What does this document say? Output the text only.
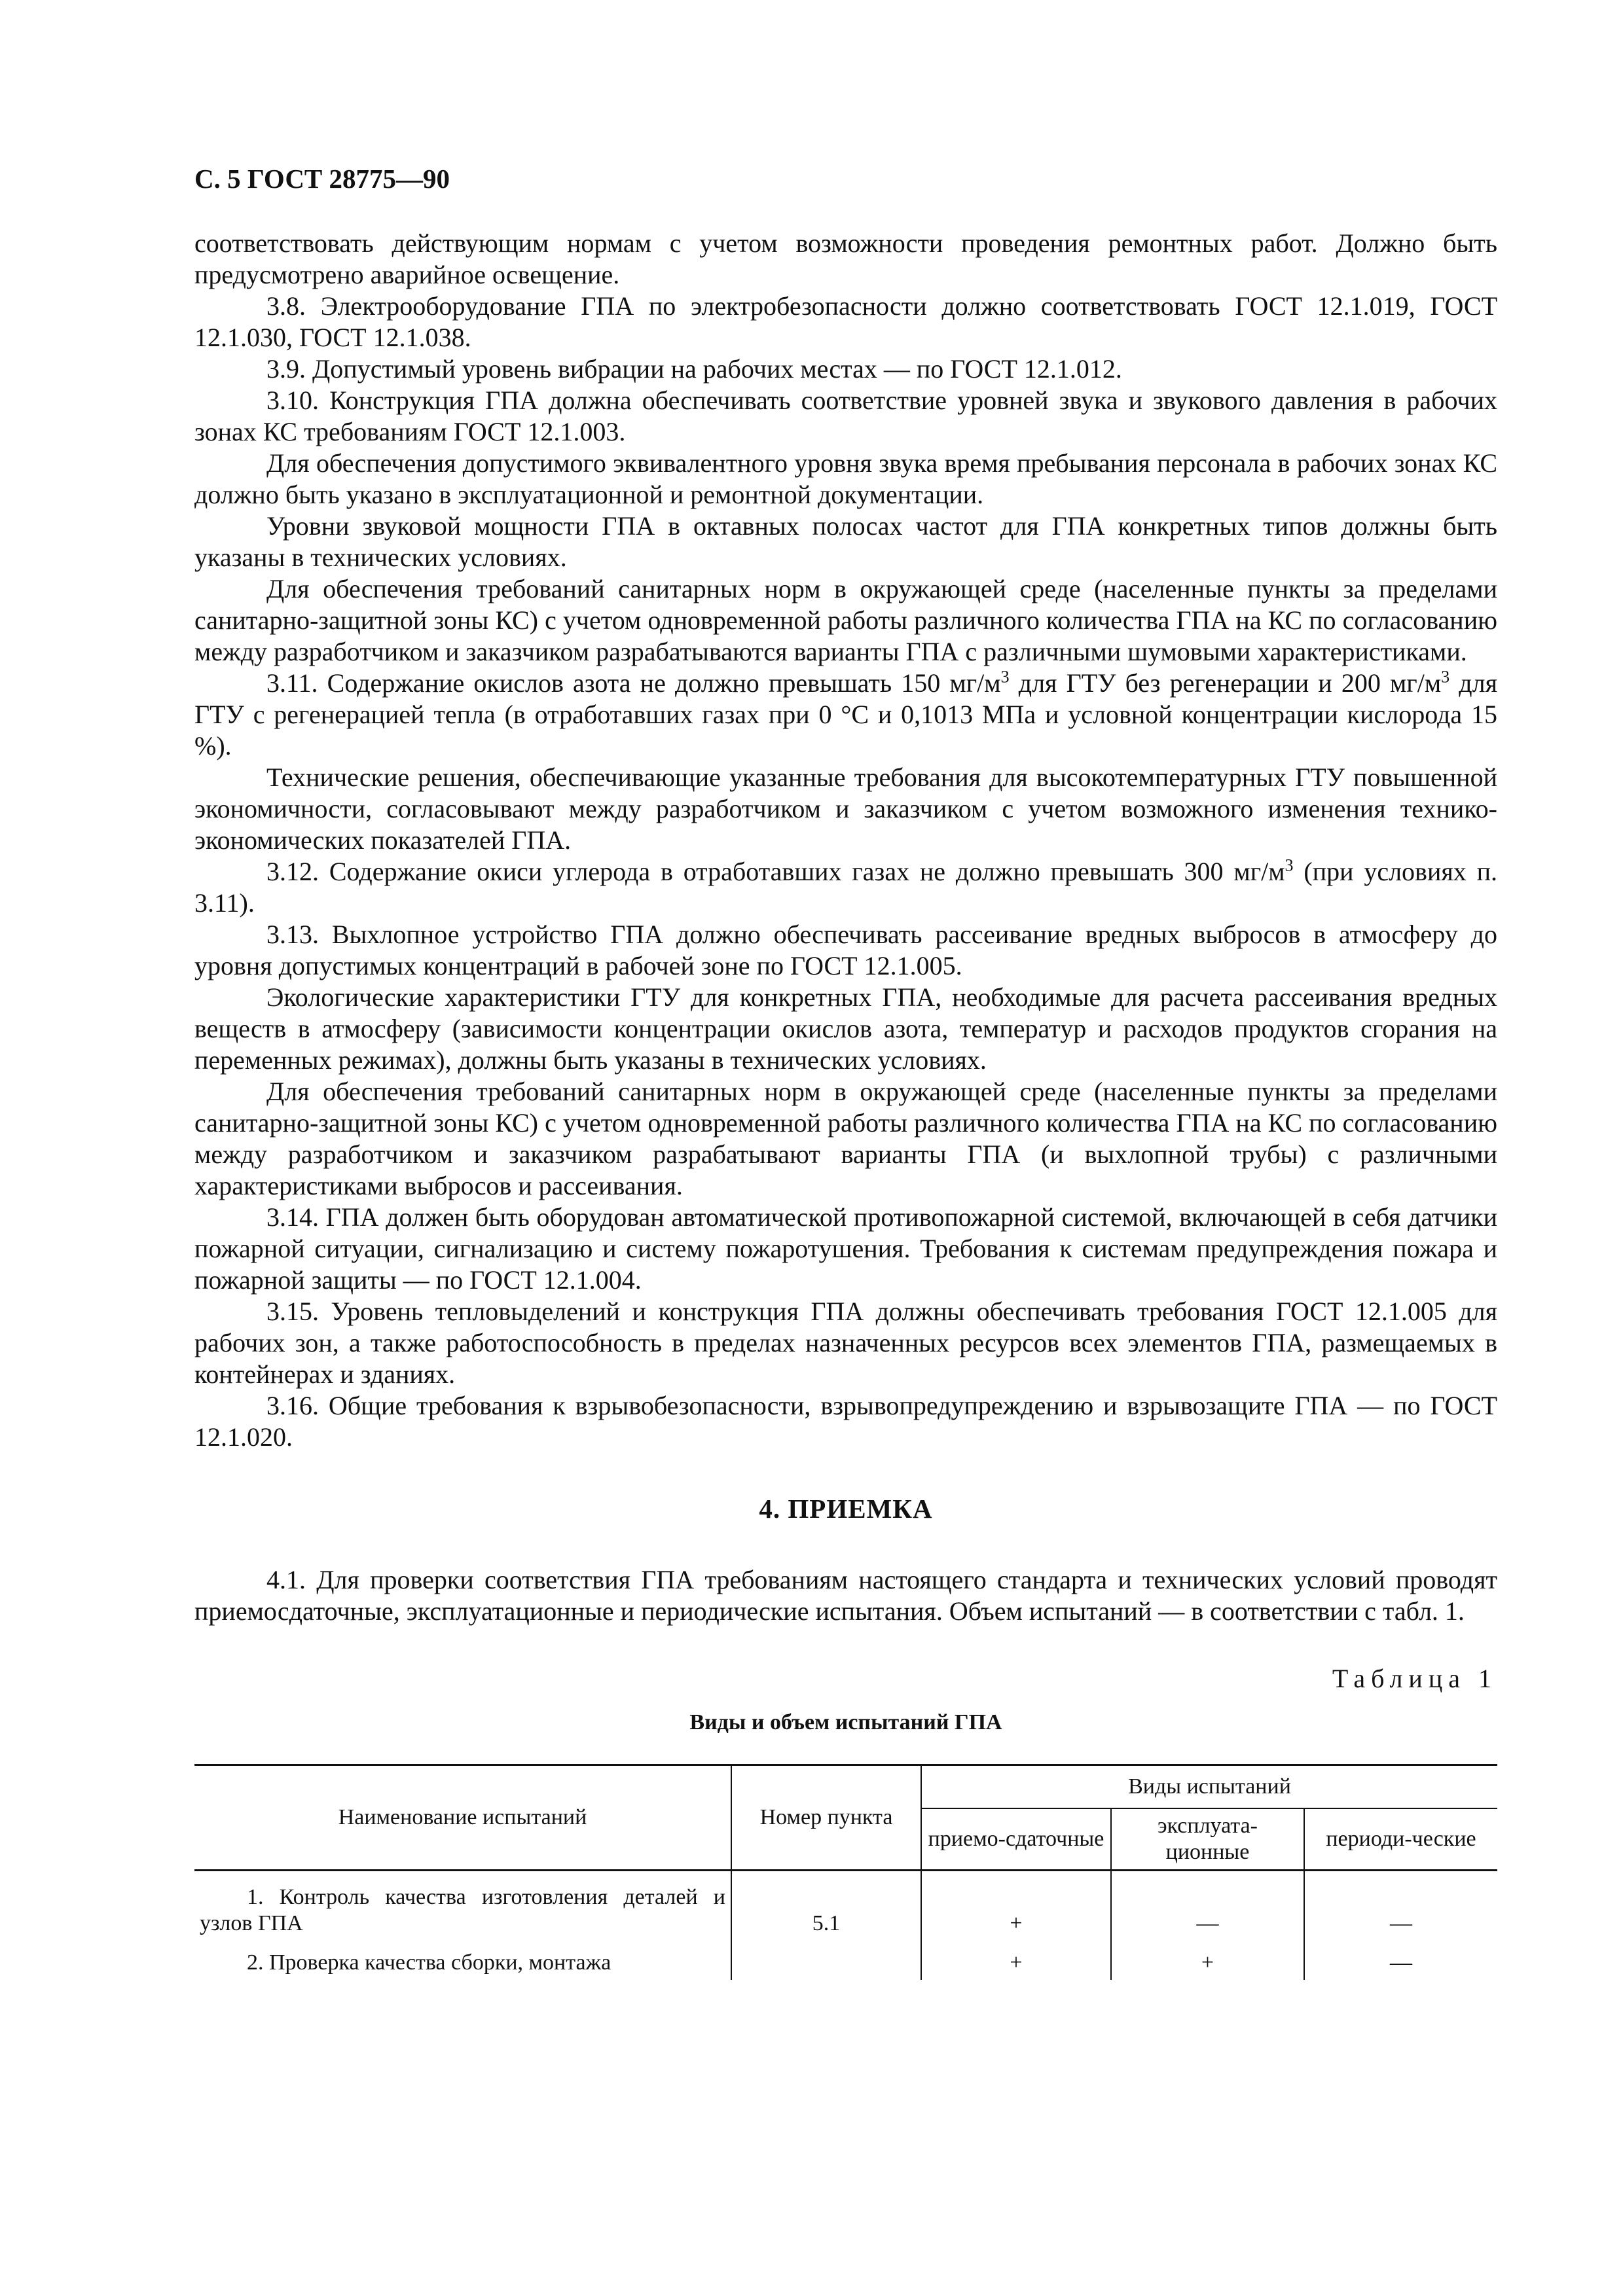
С. 5 ГОСТ 28775—90

соответствовать действующим нормам с учетом возможности проведения ремонтных работ. Должно быть предусмотрено аварийное освещение.

3.8. Электрооборудование ГПА по электробезопасности должно соответствовать ГОСТ 12.1.019, ГОСТ 12.1.030, ГОСТ 12.1.038.

3.9. Допустимый уровень вибрации на рабочих местах — по ГОСТ 12.1.012.

3.10. Конструкция ГПА должна обеспечивать соответствие уровней звука и звукового давления в рабочих зонах КС требованиям ГОСТ 12.1.003.

Для обеспечения допустимого эквивалентного уровня звука время пребывания персонала в рабочих зонах КС должно быть указано в эксплуатационной и ремонтной документации.

Уровни звуковой мощности ГПА в октавных полосах частот для ГПА конкретных типов должны быть указаны в технических условиях.

Для обеспечения требований санитарных норм в окружающей среде (населенные пункты за пределами санитарно-защитной зоны КС) с учетом одновременной работы различного количества ГПА на КС по согласованию между разработчиком и заказчиком разрабатываются варианты ГПА с различными шумовыми характеристиками.

3.11. Содержание окислов азота не должно превышать 150 $мг/м^3$ для ГТУ без регенерации и 200 $мг/м^3$ для ГТУ с регенерацией тепла (в отработавших газах при 0 °С и 0,1013 МПа и условной концентрации кислорода 15 %).

Технические решения, обеспечивающие указанные требования для высокотемпературных ГТУ повышенной экономичности, согласовывают между разработчиком и заказчиком с учетом возможного изменения технико-экономических показателей ГПА.

3.12. Содержание окиси углерода в отработавших газах не должно превышать 300 $мг/м^3$ (при условиях п. 3.11).

3.13. Выхлопное устройство ГПА должно обеспечивать рассеивание вредных выбросов в атмосферу до уровня допустимых концентраций в рабочей зоне по ГОСТ 12.1.005.

Экологические характеристики ГТУ для конкретных ГПА, необходимые для расчета рассеивания вредных веществ в атмосферу (зависимости концентрации окислов азота, температур и расходов продуктов сгорания на переменных режимах), должны быть указаны в технических условиях.

Для обеспечения требований санитарных норм в окружающей среде (населенные пункты за пределами санитарно-защитной зоны КС) с учетом одновременной работы различного количества ГПА на КС по согласованию между разработчиком и заказчиком разрабатывают варианты ГПА (и выхлопной трубы) с различными характеристиками выбросов и рассеивания.

3.14. ГПА должен быть оборудован автоматической противопожарной системой, включающей в себя датчики пожарной ситуации, сигнализацию и систему пожаротушения. Требования к системам предупреждения пожара и пожарной защиты — по ГОСТ 12.1.004.

3.15. Уровень тепловыделений и конструкция ГПА должны обеспечивать требования ГОСТ 12.1.005 для рабочих зон, а также работоспособность в пределах назначенных ресурсов всех элементов ГПА, размещаемых в контейнерах и зданиях.

3.16. Общие требования к взрывобезопасности, взрывопредупреждению и взрывозащите ГПА — по ГОСТ 12.1.020.

4. ПРИЕМКА

4.1. Для проверки соответствия ГПА требованиям настоящего стандарта и технических условий проводят приемосдаточные, эксплуатационные и периодические испытания. Объем испытаний — в соответствии с табл. 1.

Таблица 1
Виды и объем испытаний ГПА
Наименование испытаний	Номер пункта	Виды испытаний		
		приемо-сдаточные	эксплуата-ционные	периоди-ческие
1. Контроль качества изготовления деталей и узлов ГПА	5.1	+	—	—
2. Проверка качества сборки, монтажа		+	+	—
